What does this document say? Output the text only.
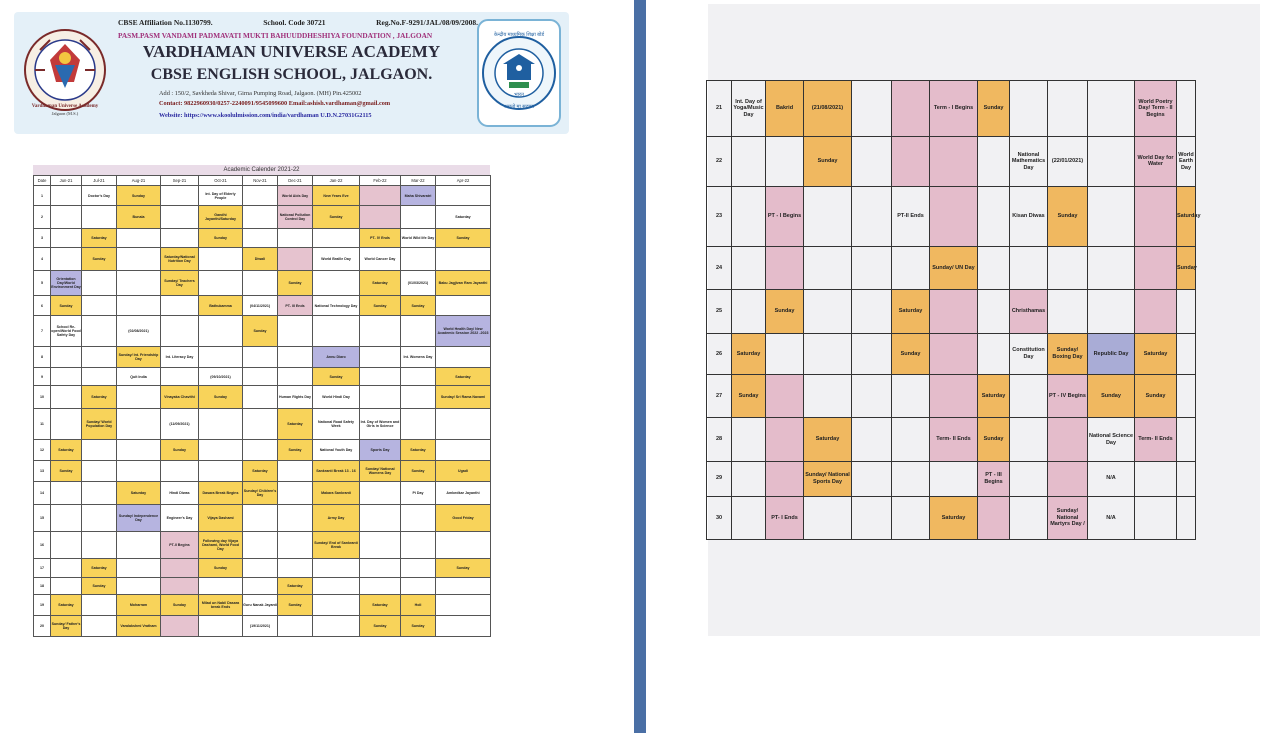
Vardhaman Universe Academy
Jalgaon (M.S.)
CBSE Affiliation No.1130799.	School. Code 30721	Reg.No.F-9291/JAL/08/09/2008.
PASM.PASM VANDAMI PADMAVATI MUKTI BAHUUDDHESHIYA FOUNDATION , JALGOAN
VARDHAMAN UNIVERSE ACADEMY
CBSE ENGLISH SCHOOL, JALGAON.
Add : 150/2, Savkheda Shivar, Girna Pumping Road, Jalgaon. (MH) Pin.425002
Contact: 9822960930/0257-2240091/9545099600 Email:ashish.vardhaman@gmail.com
Website: https://www.skoolulmission.com/india/vardhaman U.D.N.27031G2115
केन्द्रीय माध्यमिक शिक्षा बोर्ड
भारत
असतो मा सद्गमय
Academic Calender 2021-22
Date	Jun-21	Jul-21	Aug-21	Sep-21	Oct-21	Nov-21	Dec-21	Jan-22	Feb-22	Mar-22	Apr-22
1		Doctor's Day	Sunday		Int. Day of Elderly People		World Aids Day	New Years Eve		Maha Shivaratri	
2			Bunala		Gandhi Jayanthi/Saturday		National Pollution Control Day	Sunday			Saturday
3		Saturday			Sunday				PT- IV Ends	World Wild life Day	Sunday
4		Sunday		Saturday/National Nutrition Day		Diwali		World Braille Day	World Cancer Day		
5	Orientation Day/World Environment Day			Sunday/ Teachers Day			Sunday		Saturday	(01/03/2021)	Babu Jagjivan Ram Jayanthi
6	Sunday				Bathukamma	(04/11/2021)	PT- III Ends	National Technology Day	Sunday	Sunday	
7	School Re-open/World Food Safety Day		(02/08/2021)			Sunday					World Health Day/ New Academic Session 2022 -2023
8			Sunday/ Int. Friendship Day	Int. Literacy Day				Annu Diaro		Int. Womens Day	
9			Quit India		(09/10/2021)			Sunday			Saturday
10		Saturday		Vinayaka Chavithi	Sunday		Human Rights Day	World Hindi Day			Sunday/ Sri Rama Navami
11		Sunday/ World Population Day		(11/09/2021)			Saturday	National Road Safety Week	Int. Day of Women and Girls in Science		
12	Saturday			Sunday			Sunday	National Youth Day	Sports Day	Saturday	
13	Sunday					Saturday		Sankranti Break 13 - 16	Sunday/ National Womens Day	Sunday	Ugadi
14			Saturday	Hindi Diwas	Dasara Break Begins	Sunday/ Children's Day		Makara Sankranti		Pi Day	Ambedkar Jayanthi
15			Sunday/ Independence Day	Engineer's Day	Vijaya Dashami			Army Day			Good Friday
16				PT-II Begins	Following day Vijaya Dashami, World Food Day			Sunday/ End of Sankranti Break			
17		Saturday			Sunday						Sunday
18		Sunday					Saturday				
19	Saturday		Moharram	Sunday	Milad un Nabi/ Dasara break Ends	Guru Nanak Jayanti	Sunday		Saturday	Holi	
20	Sunday/ Father's Day		Varalakshmi Vratham			(19/11/2021)			Sunday	Sunday	
21	Int. Day of Yoga/Music Day	Bakrid	(21/08/2021)			Term - I Begins	Sunday				World Poetry Day/ Term - II Begins	
22			Sunday					National Mathematics Day	(22/01/2021)		World Day for Water	World Earth Day
23		PT - I Begins			PT-II Ends			Kisan Diwas	Sunday			Saturday
24						Sunday/ UN Day						Sunday
25		Sunday			Saturday			Christhamas				
26	Saturday				Sunday			Constitution Day	Sunday/ Boxing Day	Republic Day	Saturday	
27	Sunday						Saturday		PT - IV Begins	Sunday	Sunday	
28			Saturday			Term- II Ends	Sunday			National Science Day	Term- II Ends	
29			Sunday/ National Sports Day				PT - III Begins			N/A		
30		PT- I Ends				Saturday			Sunday/ National Martyrs Day /	N/A		
